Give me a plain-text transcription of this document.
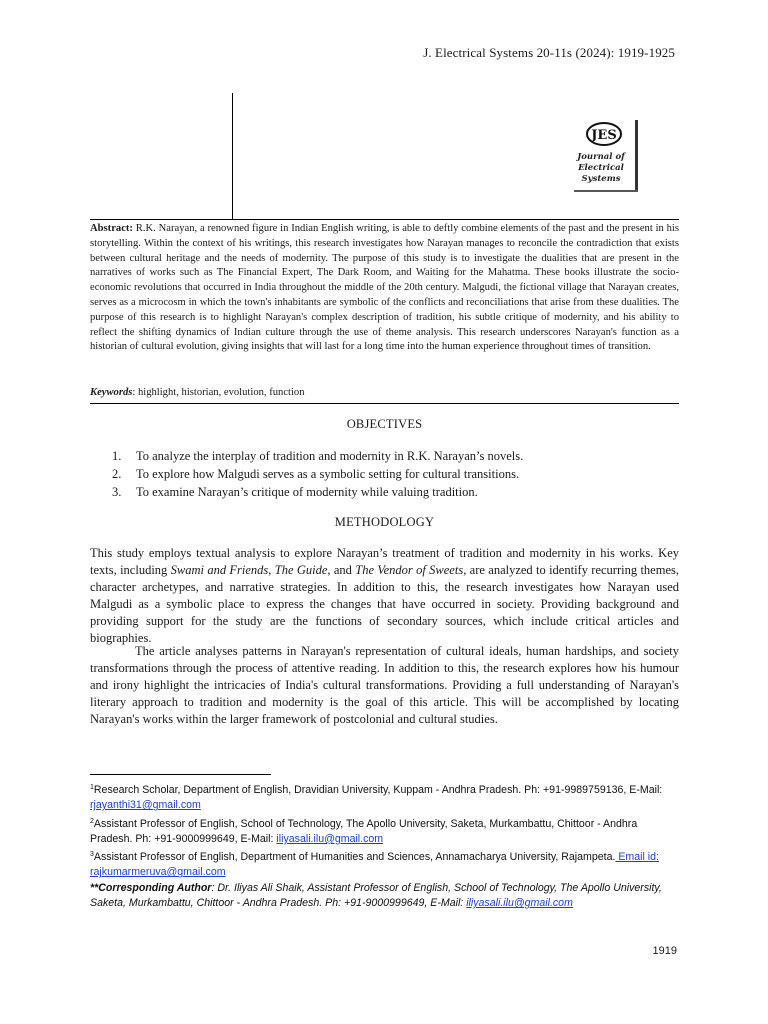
J. Electrical Systems 20-11s (2024): 1919-1925
JES
Journal of
Electrical
Systems
Abstract: R.K. Narayan, a renowned figure in Indian English writing, is able to deftly combine elements of the past and the present in his storytelling. Within the context of his writings, this research investigates how Narayan manages to reconcile the contradiction that exists between cultural heritage and the needs of modernity. The purpose of this study is to investigate the dualities that are present in the narratives of works such as The Financial Expert, The Dark Room, and Waiting for the Mahatma. These books illustrate the socio-economic revolutions that occurred in India throughout the middle of the 20th century. Malgudi, the fictional village that Narayan creates, serves as a microcosm in which the town's inhabitants are symbolic of the conflicts and reconciliations that arise from these dualities. The purpose of this research is to highlight Narayan's complex description of tradition, his subtle critique of modernity, and his ability to reflect the shifting dynamics of Indian culture through the use of theme analysis. This research underscores Narayan's function as a historian of cultural evolution, giving insights that will last for a long time into the human experience throughout times of transition.
Keywords: highlight, historian, evolution, function
OBJECTIVES
1.	To analyze the interplay of tradition and modernity in R.K. Narayan’s novels.
2.	To explore how Malgudi serves as a symbolic setting for cultural transitions.
3.	To examine Narayan’s critique of modernity while valuing tradition.
METHODOLOGY
This study employs textual analysis to explore Narayan’s treatment of tradition and modernity in his works. Key texts, including Swami and Friends, The Guide, and The Vendor of Sweets, are analyzed to identify recurring themes, character archetypes, and narrative strategies. In addition to this, the research investigates how Narayan used Malgudi as a symbolic place to express the changes that have occurred in society. Providing background and providing support for the study are the functions of secondary sources, which include critical articles and biographies.
The article analyses patterns in Narayan's representation of cultural ideals, human hardships, and society transformations through the process of attentive reading. In addition to this, the research explores how his humour and irony highlight the intricacies of India's cultural transformations. Providing a full understanding of Narayan's literary approach to tradition and modernity is the goal of this article. This will be accomplished by locating Narayan's works within the larger framework of postcolonial and cultural studies.

$^1$Research Scholar, Department of English, Dravidian University, Kuppam - Andhra Pradesh. Ph: +91-9989759136, E-Mail: rjayanthi31@gmail.com

$^2$Assistant Professor of English, School of Technology, The Apollo University, Saketa, Murkambattu, Chittoor - Andhra Pradesh. Ph: +91-9000999649, E-Mail: iliyasali.ilu@gmail.com

$^3$Assistant Professor of English, Department of Humanities and Sciences, Annamacharya University, Rajampeta. Email id: rajkumarmeruva@gmail.com

**Corresponding Author: Dr. Iliyas Ali Shaik, Assistant Professor of English, School of Technology, The Apollo University, Saketa, Murkambattu, Chittoor - Andhra Pradesh. Ph: +91-9000999649, E-Mail: iliyasali.ilu@gmail.com

1919
